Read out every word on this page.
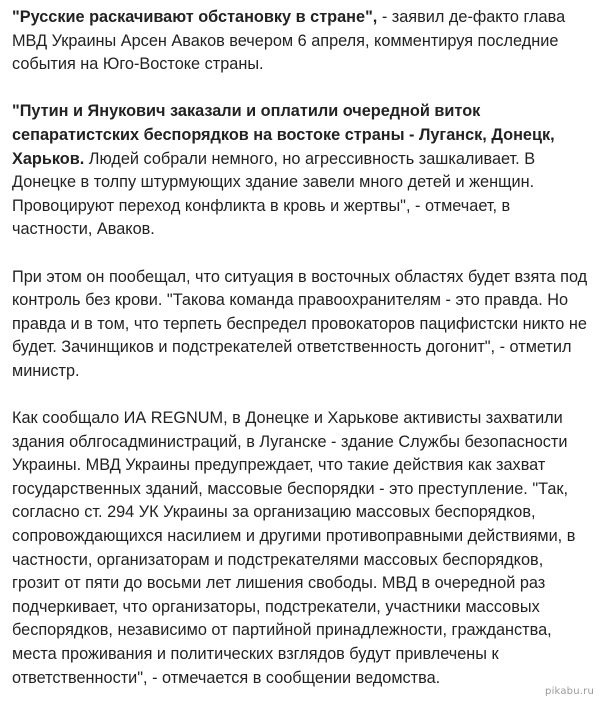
"Русские раскачивают обстановку в стране", - заявил де-факто глава МВД Украины Арсен Аваков вечером 6 апреля, комментируя последние события на Юго-Востоке страны.

"Путин и Янукович заказали и оплатили очередной виток сепаратистских беспорядков на востоке страны - Луганск, Донецк, Харьков. Людей собрали немного, но агрессивность зашкаливает. В Донецке в толпу штурмующих здание завели много детей и женщин. Провоцируют переход конфликта в кровь и жертвы", - отмечает, в частности, Аваков.

При этом он пообещал, что ситуация в восточных областях будет взята под контроль без крови. "Такова команда правоохранителям - это правда. Но правда и в том, что терпеть беспредел провокаторов пацифистски никто не будет. Зачинщиков и подстрекателей ответственность догонит", - отметил министр.

Как сообщало ИА REGNUM, в Донецке и Харькове активисты захватили здания облгосадминистраций, в Луганске - здание Службы безопасности Украины. МВД Украины предупреждает, что такие действия как захват государственных зданий, массовые беспорядки - это преступление. "Так, согласно ст. 294 УК Украины за организацию массовых беспорядков, сопровождающихся насилием и другими противоправными действиями, в частности, организаторам и подстрекателями массовых беспорядков, грозит от пяти до восьми лет лишения свободы. МВД в очередной раз подчеркивает, что организаторы, подстрекатели, участники массовых беспорядков, независимо от партийной принадлежности, гражданства, места проживания и политических взглядов будут привлечены к ответственности", - отмечается в сообщении ведомства.

pikabu.ru
